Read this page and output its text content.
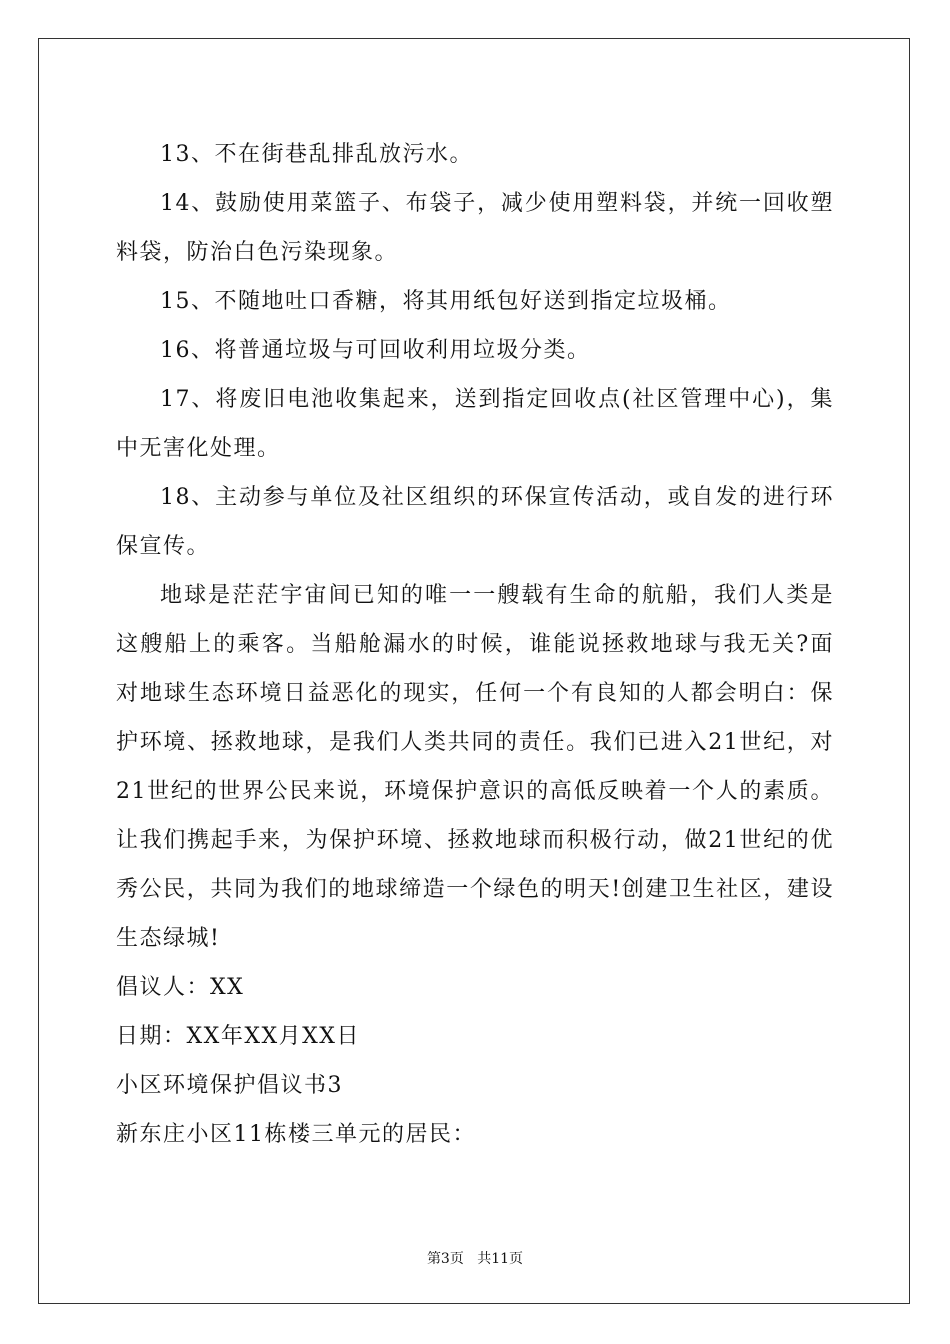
13、不在街巷乱排乱放污水。

14、鼓励使用菜篮子、布袋子，减少使用塑料袋，并统一回收塑料袋，防治白色污染现象。

15、不随地吐口香糖，将其用纸包好送到指定垃圾桶。

16、将普通垃圾与可回收利用垃圾分类。

17、将废旧电池收集起来，送到指定回收点(社区管理中心)，集中无害化处理。

18、主动参与单位及社区组织的环保宣传活动，或自发的进行环保宣传。

地球是茫茫宇宙间已知的唯一一艘载有生命的航船，我们人类是这艘船上的乘客。当船舱漏水的时候，谁能说拯救地球与我无关?面对地球生态环境日益恶化的现实，任何一个有良知的人都会明白：保护环境、拯救地球，是我们人类共同的责任。我们已进入21世纪，对21世纪的世界公民来说，环境保护意识的高低反映着一个人的素质。让我们携起手来，为保护环境、拯救地球而积极行动，做21世纪的优秀公民，共同为我们的地球缔造一个绿色的明天!创建卫生社区，建设生态绿城!

倡议人：XX

日期：XX年XX月XX日

小区环境保护倡议书3

新东庄小区11栋楼三单元的居民：

第3页 共11页
